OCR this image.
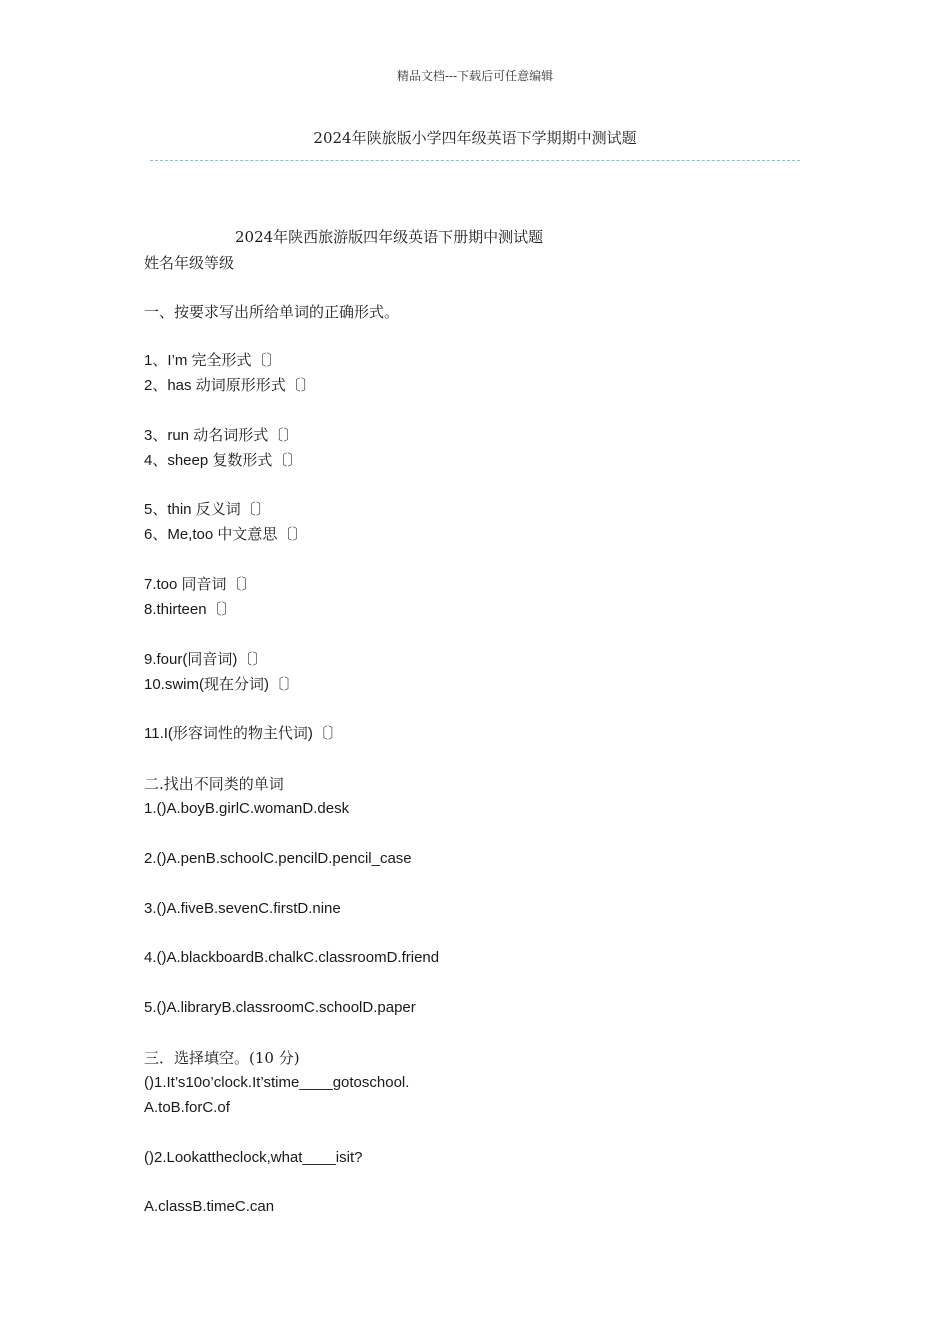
精品文档---下载后可任意编辑
2024年陕旅版小学四年级英语下学期期中测试题
2024年陕西旅游版四年级英语下册期中测试题
姓名年级等级
一、按要求写出所给单词的正确形式。
1、I’m 完全形式〔〕
2、has 动词原形形式〔〕
3、run 动名词形式〔〕
4、sheep 复数形式〔〕
5、thin 反义词〔〕
6、Me,too 中文意思〔〕
7.too 同音词〔〕
8.thirteen〔〕
9.four(同音词)〔〕
10.swim(现在分词)〔〕
11.I(形容词性的物主代词)〔〕
二.找出不同类的单词
1.()A.boyB.girlC.womanD.desk
2.()A.penB.schoolC.pencilD.pencil_case
3.()A.fiveB.sevenC.firstD.nine
4.()A.blackboardB.chalkC.classroomD.friend
5.()A.libraryB.classroomC.schoolD.paper
三．选择填空。(10 分)
()1.It’s10o’clock.It’stime____gotoschool.
A.toB.forC.of
()2.Lookattheclock,what____isit?
A.classB.timeC.can
